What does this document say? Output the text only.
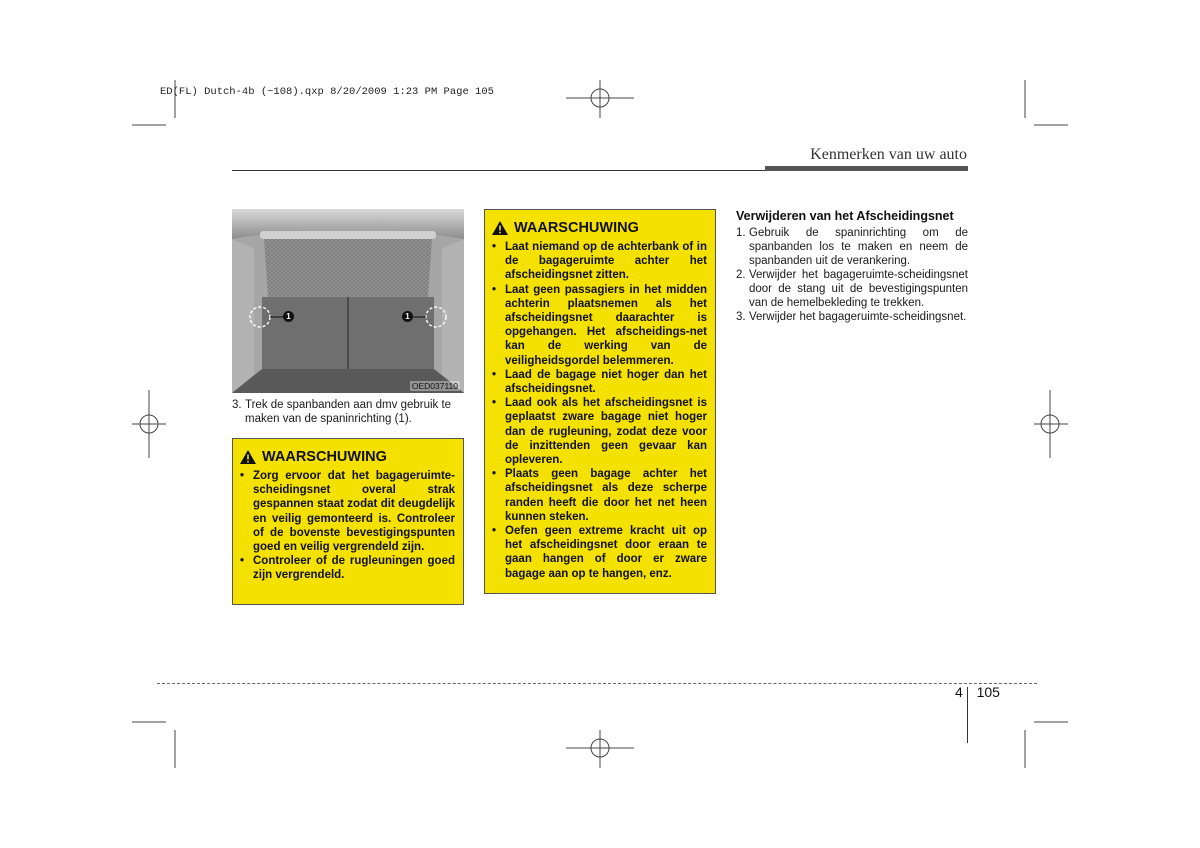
ED(FL) Dutch-4b (~108).qxp 8/20/2009 1:23 PM Page 105
Kenmerken van uw auto
1	1
OED037110
3. Trek de spanbanden aan dmv gebruik te maken van de spaninrichting (1).
WAARSCHUWING
• Zorg ervoor dat het bagageruimte-scheidingsnet overal strak gespannen staat zodat dit deugdelijk en veilig gemonteerd is. Controleer of de bovenste bevestigingspunten goed en veilig vergrendeld zijn.
• Controleer of de rugleuningen goed zijn vergrendeld.
WAARSCHUWING
• Laat niemand op de achterbank of in de bagageruimte achter het afscheidingsnet zitten.
• Laat geen passagiers in het midden achterin plaatsnemen als het afscheidingsnet daarachter is opgehangen. Het afscheidings-net kan de werking van de veiligheidsgordel belemmeren.
• Laad de bagage niet hoger dan het afscheidingsnet.
• Laad ook als het afscheidingsnet is geplaatst zware bagage niet hoger dan de rugleuning, zodat deze voor de inzittenden geen gevaar kan opleveren.
• Plaats geen bagage achter het afscheidingsnet als deze scherpe randen heeft die door het net heen kunnen steken.
• Oefen geen extreme kracht uit op het afscheidingsnet door eraan te gaan hangen of door er zware bagage aan op te hangen, enz.
Verwijderen van het Afscheidingsnet
1. Gebruik de spaninrichting om de spanbanden los te maken en neem de spanbanden uit de verankering.
2. Verwijder het bagageruimte-scheidingsnet door de stang uit de bevestigingspunten van de hemelbekleding te trekken.
3. Verwijder het bagageruimte-scheidingsnet.
4 105
